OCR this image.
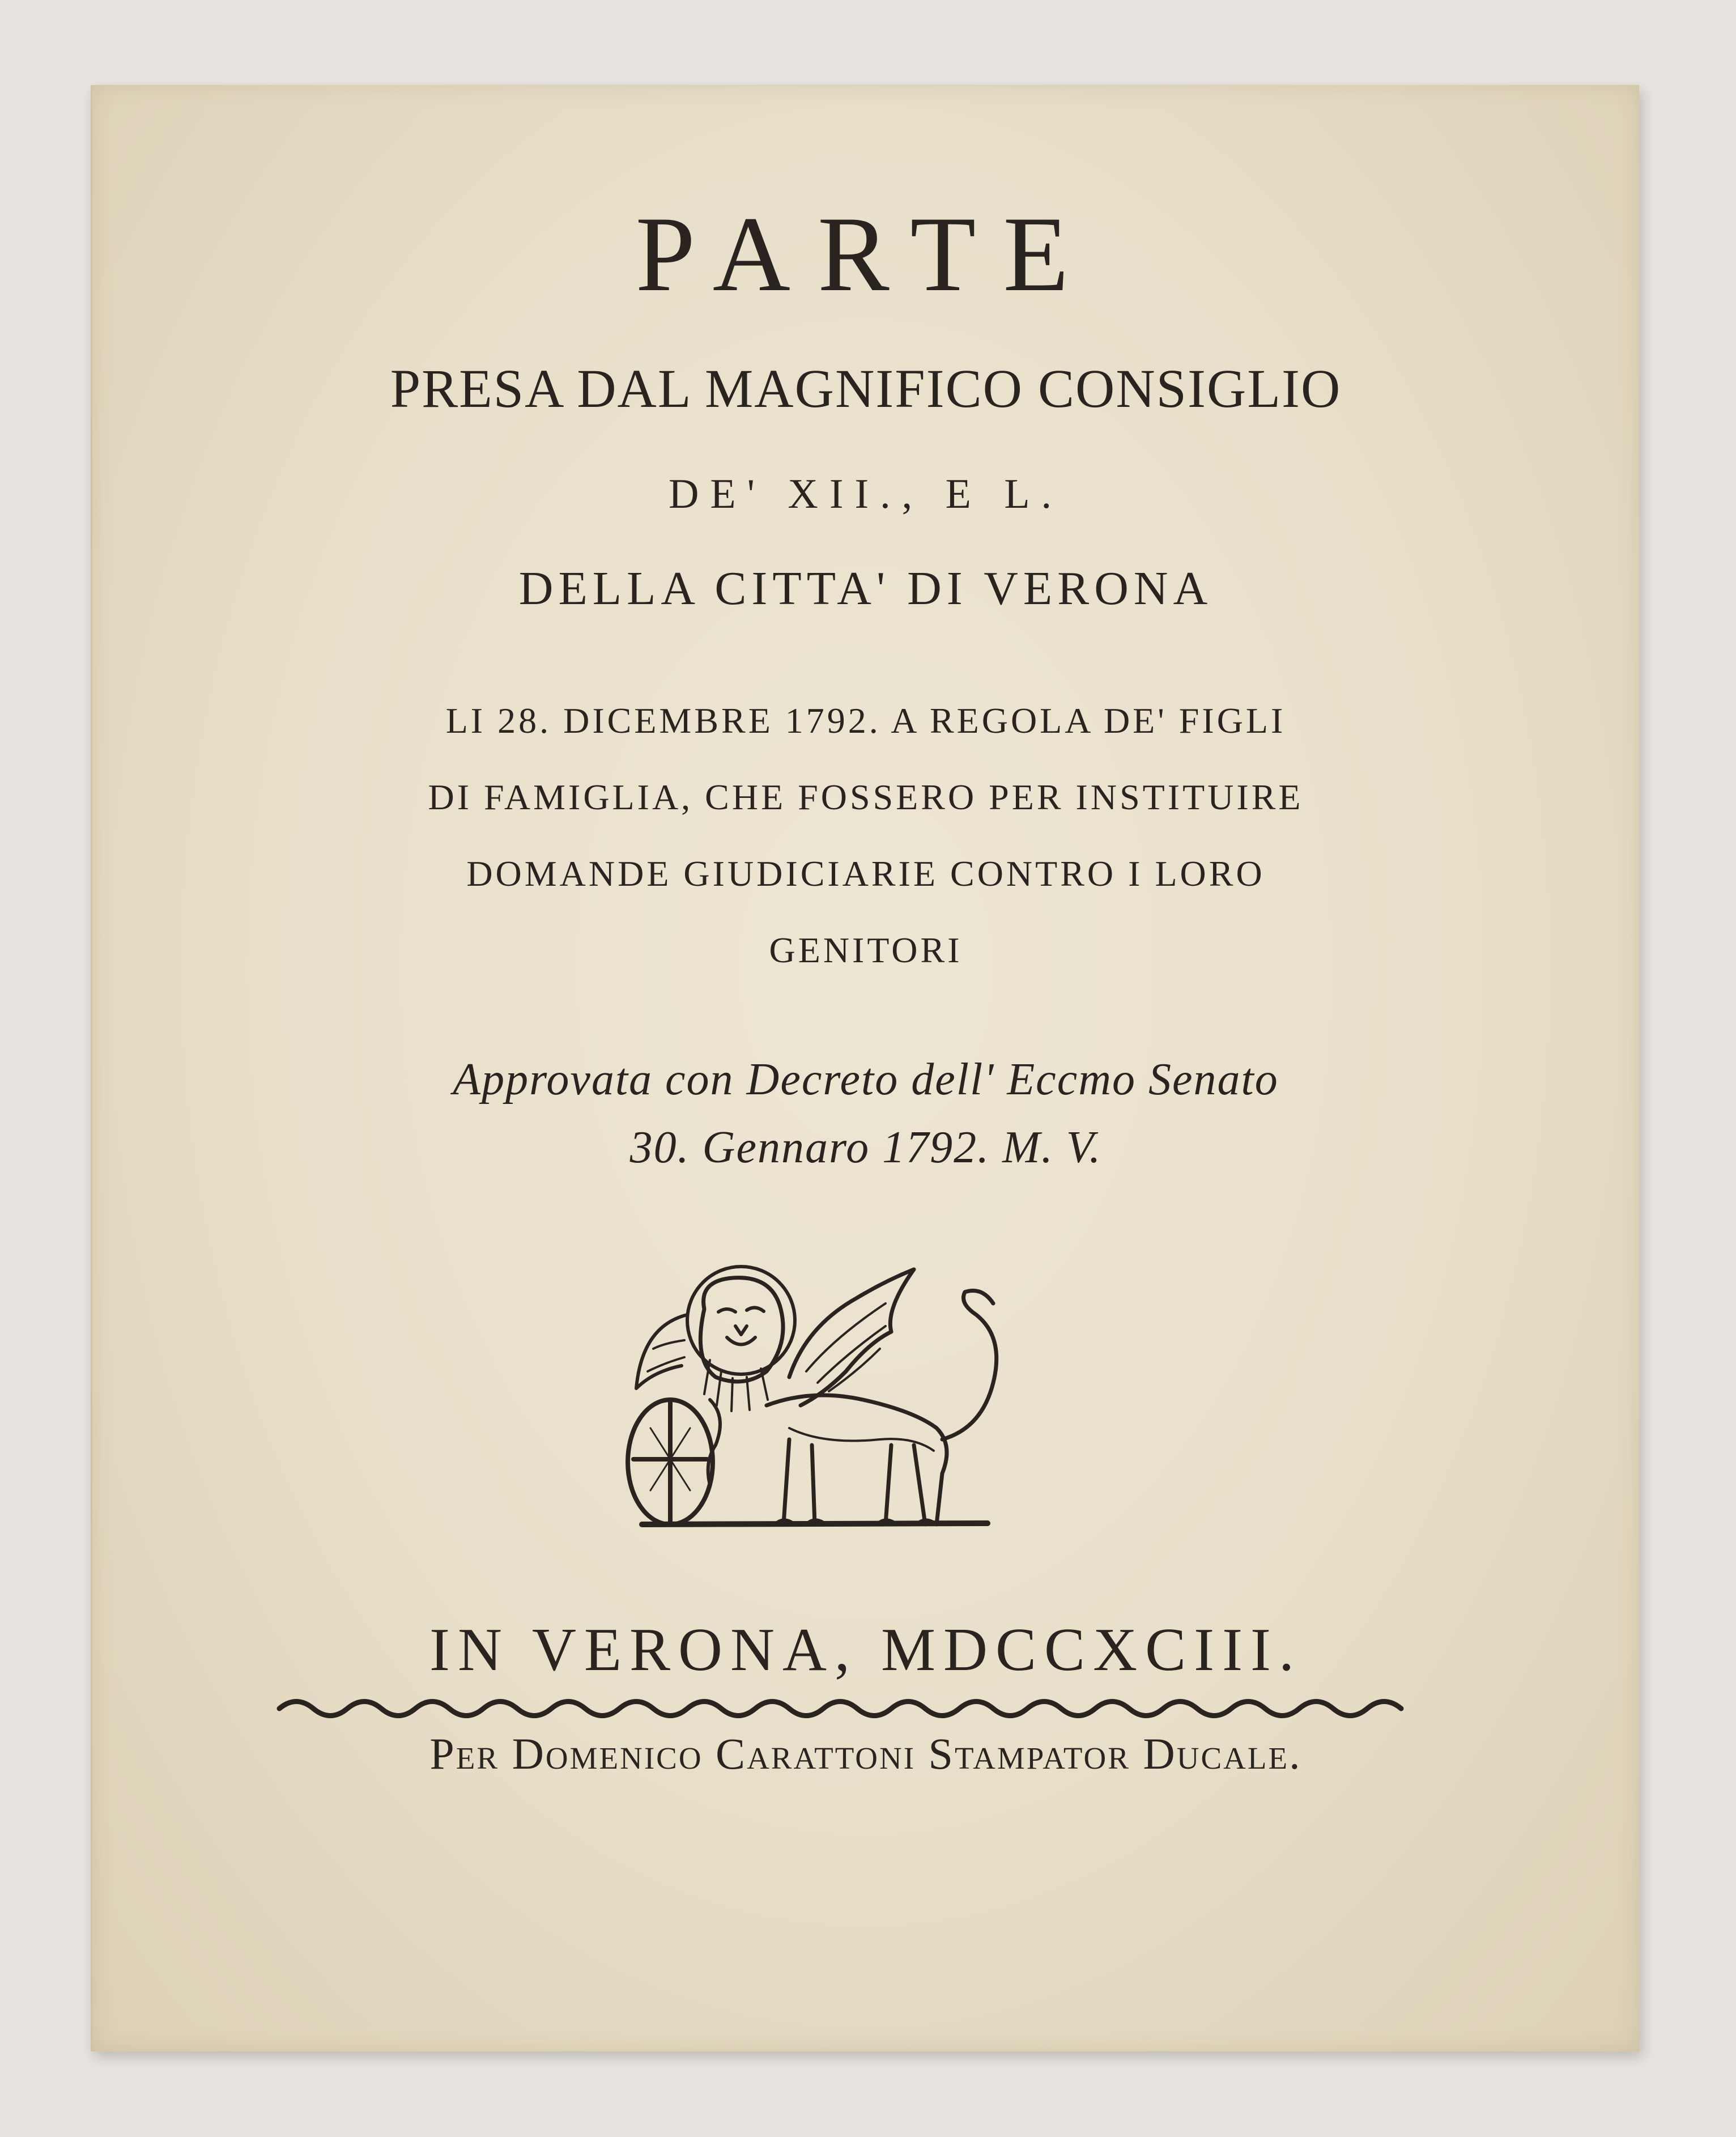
PARTE

PRESA DAL MAGNIFICO CONSIGLIO

DE' XII., E L.

DELLA CITTA' DI VERONA

LI 28. DICEMBRE 1792. A REGOLA DE' FIGLI

DI FAMIGLIA, CHE FOSSERO PER INSTITUIRE

DOMANDE GIUDICIARIE CONTRO I LORO

GENITORI

Approvata con Decreto dell' Eccmo Senato

30. Gennaro 1792. M. V.

IN VERONA, MDCCXCIII.

Per Domenico Carattoni Stampator Ducale.
